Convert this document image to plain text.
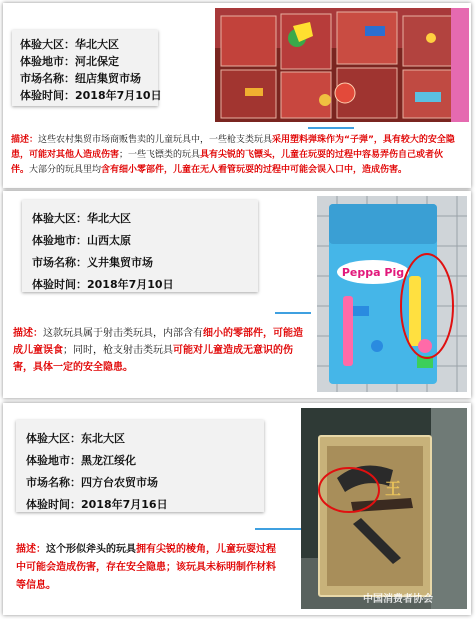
体验大区：华北大区
体验地市：河北保定
市场名称：纽店集贸市场
体验时间：2018年7月10日
描述：这些农村集贸市场商贩售卖的儿童玩具中，一些枪支类玩具采用塑料弹珠作为“子弹”，具有较大的安全隐患，可能对其他人造成伤害；一些飞镖类的玩具具有尖锐的飞镖头，儿童在玩耍的过程中容易弄伤自己或者伙伴。大部分的玩具里均含有细小零部件，儿童在无人看管玩耍的过程中可能会误入口中，造成伤害。
体验大区：华北大区
体验地市：山西太原
市场名称：义井集贸市场
体验时间：2018年7月10日
Peppa Pig
描述：这款玩具属于射击类玩具，内部含有细小的零部件，可能造成儿童误食；同时，枪支射击类玩具可能对儿童造成无意识的伤害，具体一定的安全隐患。
体验大区：东北大区
体验地市：黑龙江绥化
市场名称：四方台农贸市场
体验时间：2018年7月16日
王
中国消费者协会
描述：这个形似斧头的玩具拥有尖锐的棱角，儿童玩耍过程中可能会造成伤害，存在安全隐患；该玩具未标明制作材料等信息。
